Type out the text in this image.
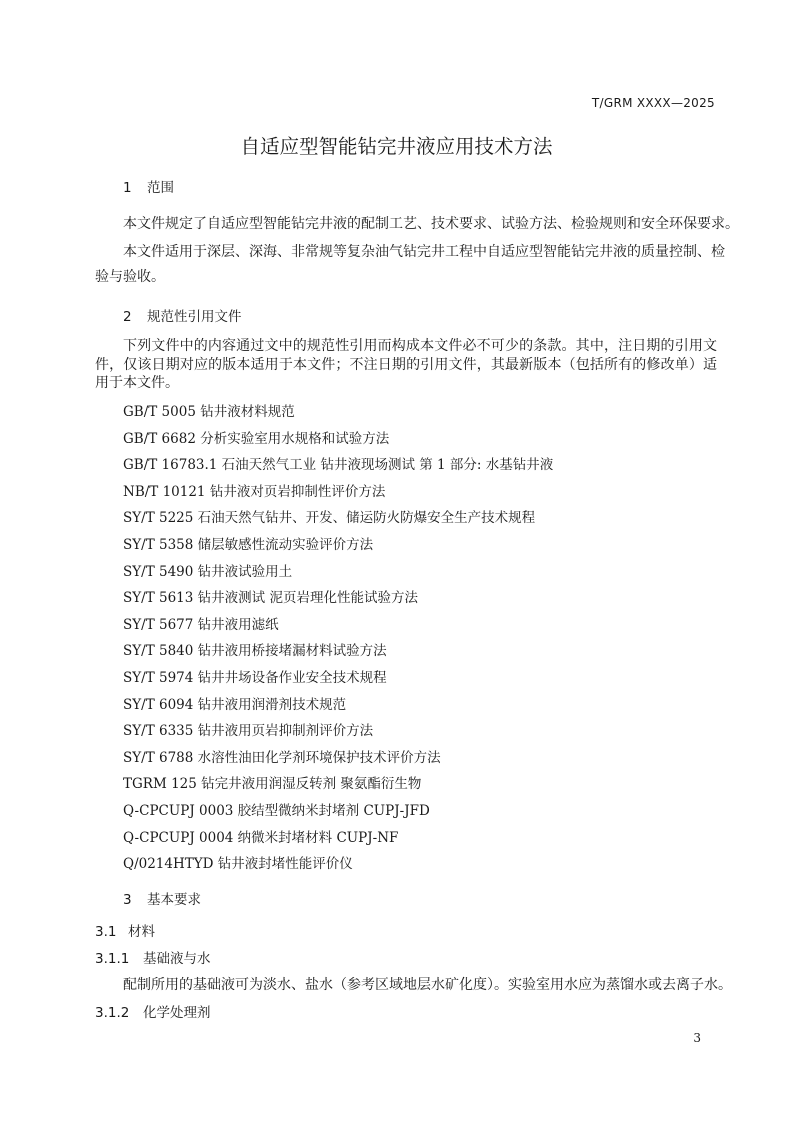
T/GRM XXXX—2025
自适应型智能钻完井液应用技术方法
1 范围
本文件规定了自适应型智能钻完井液的配制工艺、技术要求、试验方法、检验规则和安全环保要求。
本文件适用于深层、深海、非常规等复杂油气钻完井工程中自适应型智能钻完井液的质量控制、检
验与验收。
2 规范性引用文件
下列文件中的内容通过文中的规范性引用而构成本文件必不可少的条款。其中，注日期的引用文件，仅该日期对应的版本适用于本文件；不注日期的引用文件，其最新版本（包括所有的修改单）适用于本文件。
GB/T 5005 钻井液材料规范
GB/T 6682 分析实验室用水规格和试验方法
GB/T 16783.1 石油天然气工业 钻井液现场测试 第 1 部分: 水基钻井液
NB/T 10121 钻井液对页岩抑制性评价方法
SY/T 5225 石油天然气钻井、开发、储运防火防爆安全生产技术规程
SY/T 5358 储层敏感性流动实验评价方法
SY/T 5490 钻井液试验用土
SY/T 5613 钻井液测试 泥页岩理化性能试验方法
SY/T 5677 钻井液用滤纸
SY/T 5840 钻井液用桥接堵漏材料试验方法
SY/T 5974 钻井井场设备作业安全技术规程
SY/T 6094 钻井液用润滑剂技术规范
SY/T 6335 钻井液用页岩抑制剂评价方法
SY/T 6788 水溶性油田化学剂环境保护技术评价方法
TGRM 125 钻完井液用润湿反转剂 聚氨酯衍生物
Q-CPCUPJ 0003 胶结型微纳米封堵剂 CUPJ-JFD
Q-CPCUPJ 0004 纳微米封堵材料 CUPJ-NF
Q/0214HTYD 钻井液封堵性能评价仪
3 基本要求
3.1 材料
3.1.1 基础液与水
配制所用的基础液可为淡水、盐水（参考区域地层水矿化度）。实验室用水应为蒸馏水或去离子水。
3.1.2 化学处理剂
3
